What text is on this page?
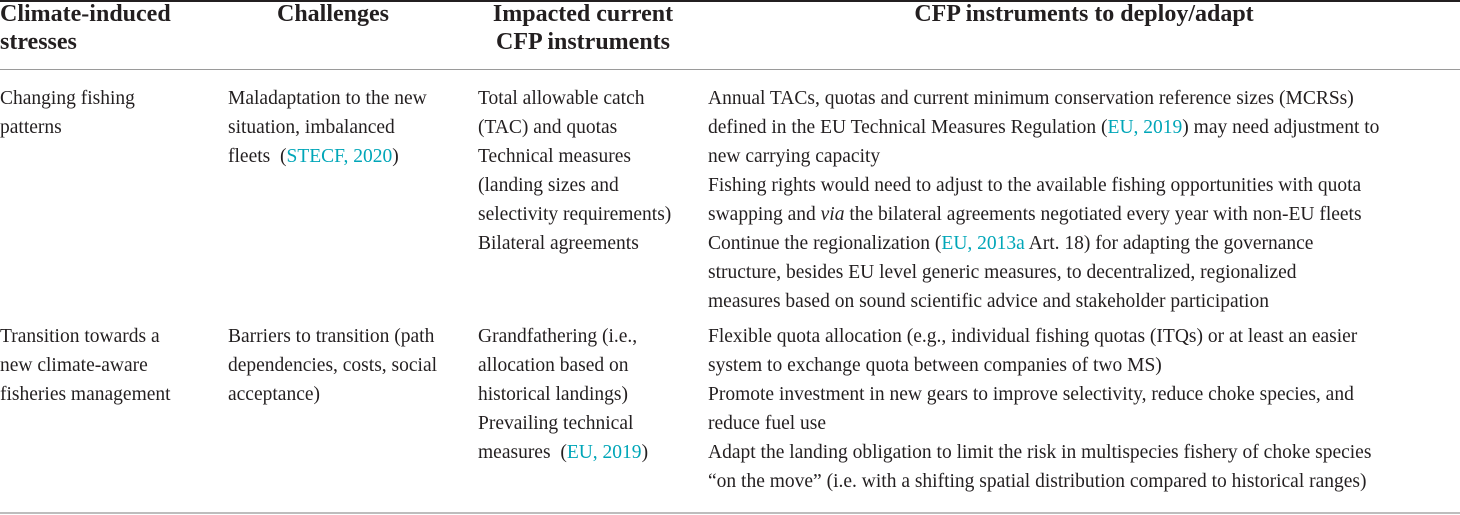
Climate-induced
stresses
Challenges	Impacted current
CFP instruments
CFP instruments to deploy/adapt
Changing fishing
patterns
Maladaptation to the new
situation, imbalanced
fleets  (STECF, 2020)
Total allowable catch
(TAC) and quotas
Technical measures
(landing sizes and
selectivity requirements)
Bilateral agreements
Annual TACs, quotas and current minimum conservation reference sizes (MCRSs)
defined in the EU Technical Measures Regulation (EU, 2019) may need adjustment to
new carrying capacity
Fishing rights would need to adjust to the available fishing opportunities with quota
swapping and via the bilateral agreements negotiated every year with non-EU fleets
Continue the regionalization (EU, 2013a Art. 18) for adapting the governance
structure, besides EU level generic measures, to decentralized, regionalized
measures based on sound scientific advice and stakeholder participation
Transition towards a
new climate-aware
fisheries management
Barriers to transition (path
dependencies, costs, social
acceptance)
Grandfathering (i.e.,
allocation based on
historical landings)
Prevailing technical
measures  (EU, 2019)
Flexible quota allocation (e.g., individual fishing quotas (ITQs) or at least an easier
system to exchange quota between companies of two MS)
Promote investment in new gears to improve selectivity, reduce choke species, and
reduce fuel use
Adapt the landing obligation to limit the risk in multispecies fishery of choke species
“on the move” (i.e. with a shifting spatial distribution compared to historical ranges)
